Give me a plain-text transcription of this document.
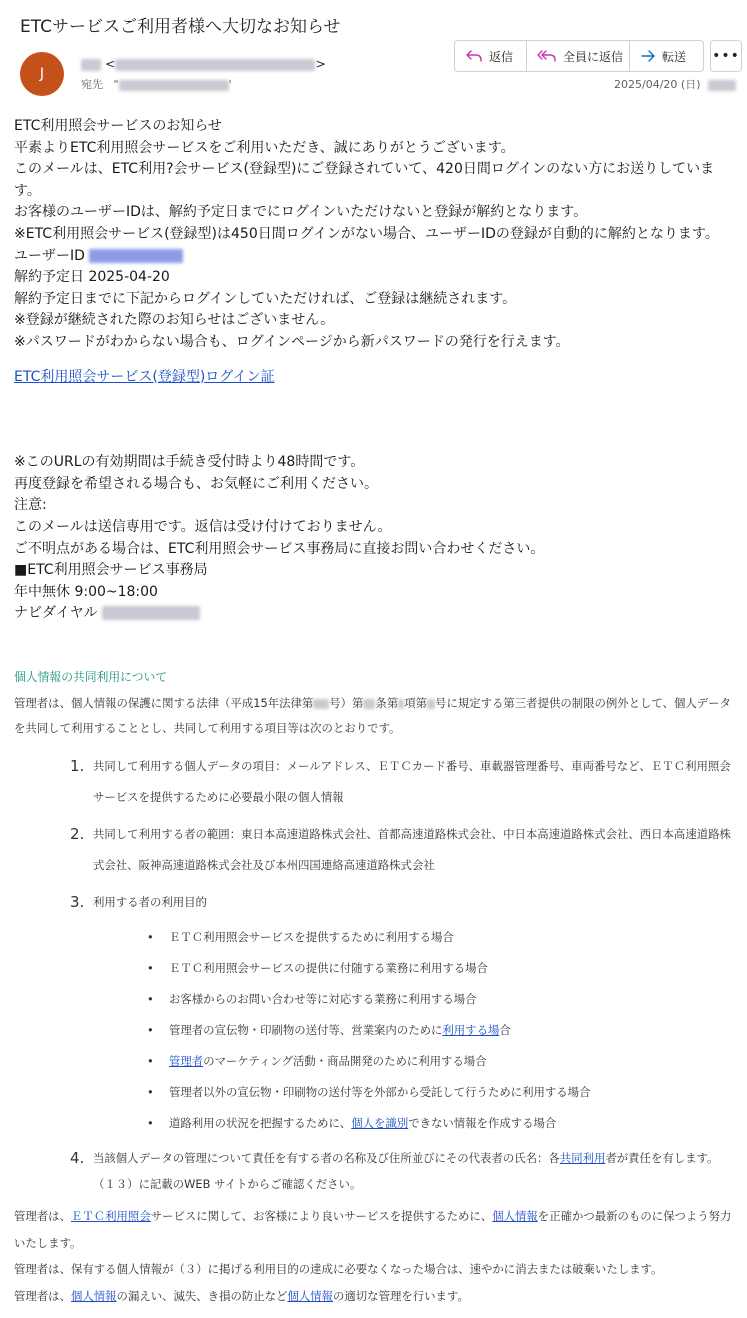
ETCサービスご利用者様へ大切なお知らせ
J
<	>
宛先 "	'
返信	全員に返信	転送 •••
2025/04/20 (日)

ETC利用照会サービスのお知らせ

平素よりETC利用照会サービスをご利用いただき、誠にありがとうございます。

このメールは、ETC利用?会サービス(登録型)にご登録されていて、420日間ログインのない方にお送りしています。

お客様のユーザーIDは、解約予定日までにログインいただけないと登録が解約となります。

※ETC利用照会サービス(登録型)は450日間ログインがない場合、ユーザーIDの登録が自動的に解約となります。

ユーザーID

解約予定日 2025-04-20

解約予定日までに下記からログインしていただければ、ご登録は継続されます。

※登録が継続された際のお知らせはございません。

※パスワードがわからない場合も、ログインページから新パスワードの発行を行えます。

ETC利用照会サービス(登録型)ログイン証

※このURLの有効期間は手続き受付時より48時間です。

再度登録を希望される場合も、お気軽にご利用ください。

注意:

このメールは送信専用です。返信は受け付けておりません。

ご不明点がある場合は、ETC利用照会サービス事務局に直接お問い合わせください。

■ETC利用照会サービス事務局

年中無休 9:00~18:00

ナビダイヤル

個人情報の共同利用について
管理者は、個人情報の保護に関する法律（平成15年法律第 号）第 条第 項第 号に規定する第三者提供の制限の例外として、個人データを共同して利用することとし、共同して利用する項目等は次のとおりです。
1. 共同して利用する個人データの項目：メールアドレス、ＥＴＣカード番号、車載器管理番号、車両番号など、ＥＴＣ利用照会サービスを提供するために必要最小限の個人情報
2. 共同して利用する者の範囲：東日本高速道路株式会社、首都高速道路株式会社、中日本高速道路株式会社、西日本高速道路株式会社、阪神高速道路株式会社及び本州四国連絡高速道路株式会社
3. 利用する者の利用目的
• ＥＴＣ利用照会サービスを提供するために利用する場合
• ＥＴＣ利用照会サービスの提供に付随する業務に利用する場合
• お客様からのお問い合わせ等に対応する業務に利用する場合
• 管理者の宣伝物・印刷物の送付等、営業案内のために利用する場合
• 管理者のマーケティング活動・商品開発のために利用する場合
• 管理者以外の宣伝物・印刷物の送付等を外部から受託して行うために利用する場合
• 道路利用の状況を把握するために、個人を識別できない情報を作成する場合
4. 当該個人データの管理について責任を有する者の名称及び住所並びにその代表者の氏名：各共同利用者が責任を有します。（１３）に記載のWEB サイトからご確認ください。
管理者は、ＥＴＣ利用照会サービスに関して、お客様により良いサービスを提供するために、個人情報を正確かつ最新のものに保つよう努力いたします。
管理者は、保有する個人情報が（３）に掲げる利用目的の達成に必要なくなった場合は、速やかに消去または破棄いたします。
管理者は、個人情報の漏えい、滅失、き損の防止など個人情報の適切な管理を行います。
